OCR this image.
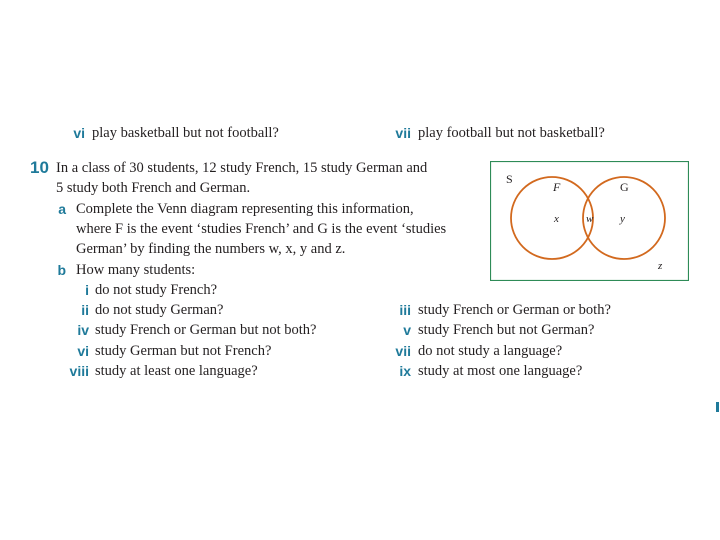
vi play basketball but not football?	vii play football but not basketball?
10 In a class of 30 students, 12 study French, 15 study German and
5 study both French and German.
a Complete the Venn diagram representing this information,
where F is the event ‘studies French’ and G is the event ‘studies
German’ by finding the numbers w, x, y and z.
b How many students:
i do not study French?
ii do not study German?
iv study French or German but not both?
vi study German but not French?
viii study at least one language?
iii study French or German or both?
v study French but not German?
vii do not study a language?
ix study at most one language?
S
F	G
x w y
z
